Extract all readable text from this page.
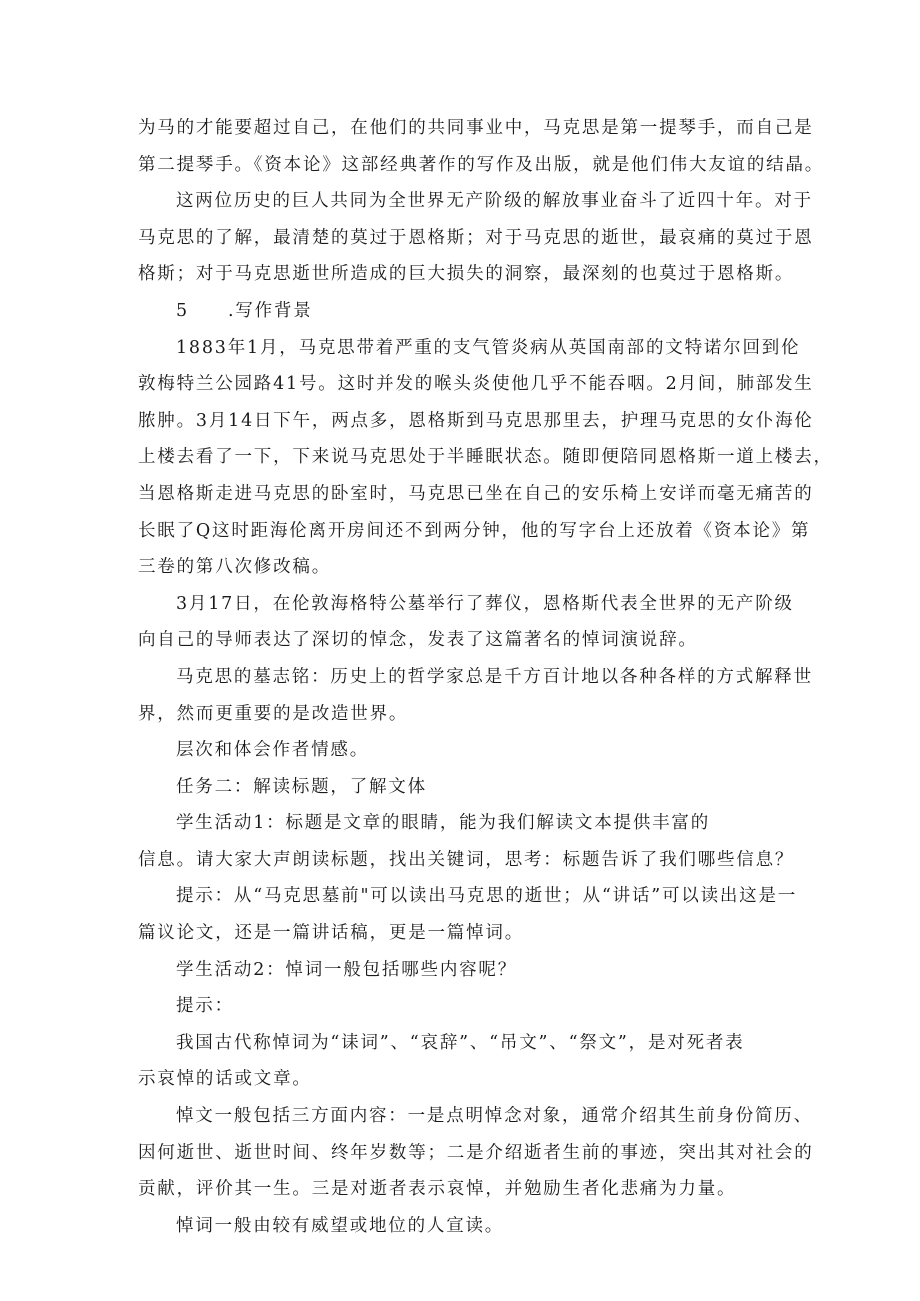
为马的才能要超过自己，在他们的共同事业中，马克思是第一提琴手，而自己是
第二提琴手。《资本论》这部经典著作的写作及出版，就是他们伟大友谊的结晶。
这两位历史的巨人共同为全世界无产阶级的解放事业奋斗了近四十年。对于
马克思的了解，最清楚的莫过于恩格斯；对于马克思的逝世，最哀痛的莫过于恩
格斯；对于马克思逝世所造成的巨大损失的洞察，最深刻的也莫过于恩格斯。
5 .写作背景
1883年1月，马克思带着严重的支气管炎病从英国南部的文特诺尔回到伦
敦梅特兰公园路41号。这时并发的喉头炎使他几乎不能吞咽。2月间，肺部发生
脓肿。3月14日下午，两点多，恩格斯到马克思那里去，护理马克思的女仆海伦
上楼去看了一下，下来说马克思处于半睡眠状态。随即便陪同恩格斯一道上楼去，
当恩格斯走进马克思的卧室时，马克思已坐在自己的安乐椅上安详而毫无痛苦的
长眠了Q这时距海伦离开房间还不到两分钟，他的写字台上还放着《资本论》第
三卷的第八次修改稿。
3月17日，在伦敦海格特公墓举行了葬仪，恩格斯代表全世界的无产阶级
向自己的导师表达了深切的悼念，发表了这篇著名的悼词演说辞。
马克思的墓志铭：历史上的哲学家总是千方百计地以各种各样的方式解释世
界，然而更重要的是改造世界。
层次和体会作者情感。
任务二：解读标题，了解文体
学生活动1：标题是文章的眼睛，能为我们解读文本提供丰富的
信息。请大家大声朗读标题，找出关键词，思考：标题告诉了我们哪些信息？
提示：从“马克思墓前"可以读出马克思的逝世；从“讲话”可以读出这是一
篇议论文，还是一篇讲话稿，更是一篇悼词。
学生活动2：悼词一般包括哪些内容呢？
提示：
我国古代称悼词为“诔词”、“哀辞”、“吊文”、“祭文”，是对死者表
示哀悼的话或文章。
悼文一般包括三方面内容：一是点明悼念对象，通常介绍其生前身份简历、
因何逝世、逝世时间、终年岁数等；二是介绍逝者生前的事迹，突出其对社会的
贡献，评价其一生。三是对逝者表示哀悼，并勉励生者化悲痛为力量。
悼词一般由较有威望或地位的人宣读。
